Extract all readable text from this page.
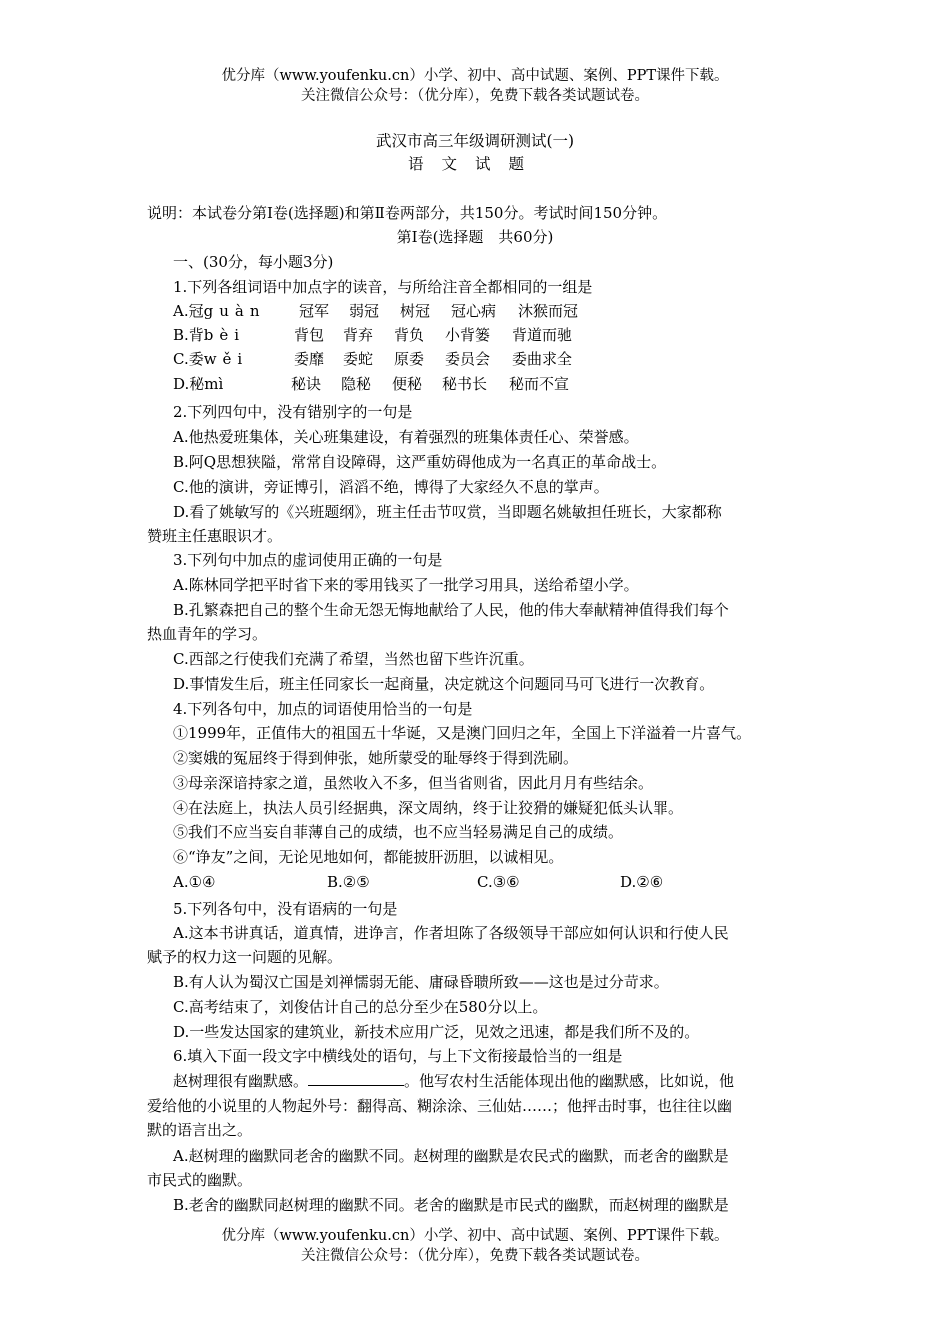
优分库（www.youfenku.cn）小学、初中、高中试题、案例、PPT课件下载。
关注微信公众号：（优分库），免费下载各类试题试卷。
武汉市高三年级调研测试(一)
语文试题
说明：本试卷分第Ⅰ卷(选择题)和第Ⅱ卷两部分，共150分。考试时间150分钟。
第Ⅰ卷(选择题　共60分)
一、(30分，每小题3分)
1.下列各组词语中加点字的读音，与所给注音全都相同的一组是
A.冠guàn 冠军 弱冠 树冠 冠心病 沐猴而冠
B.背bèi	背包 背弃 背负 小背篓 背道而驰
C.委wěi	委靡 委蛇 原委 委员会 委曲求全
D.秘mì	秘诀 隐秘 便秘 秘书长 秘而不宣
2.下列四句中，没有错别字的一句是
A.他热爱班集体，关心班集建设，有着强烈的班集体责任心、荣誉感。
B.阿Q思想狭隘，常常自设障碍，这严重妨碍他成为一名真正的革命战士。
C.他的演讲，旁证博引，滔滔不绝，博得了大家经久不息的掌声。
D.看了姚敏写的《兴班题纲》，班主任击节叹赏，当即题名姚敏担任班长，大家都称
赞班主任惠眼识才。
3.下列句中加点的虚词使用正确的一句是
A.陈林同学把平时省下来的零用钱买了一批学习用具，送给希望小学。
B.孔繁森把自己的整个生命无怨无悔地献给了人民，他的伟大奉献精神值得我们每个
热血青年的学习。
C.西部之行使我们充满了希望，当然也留下些许沉重。
D.事情发生后，班主任同家长一起商量，决定就这个问题同马可飞进行一次教育。
4.下列各句中，加点的词语使用恰当的一句是
①1999年，正值伟大的祖国五十华诞，又是澳门回归之年，全国上下洋溢着一片喜气。
②窦娥的冤屈终于得到伸张，她所蒙受的耻辱终于得到洗刷。
③母亲深谙持家之道，虽然收入不多，但当省则省，因此月月有些结余。
④在法庭上，执法人员引经据典，深文周纳，终于让狡猾的嫌疑犯低头认罪。
⑤我们不应当妄自菲薄自己的成绩，也不应当轻易满足自己的成绩。
⑥“诤友”之间，无论见地如何，都能披肝沥胆，以诚相见。
A.①④	B.②⑤	C.③⑥	D.②⑥
5.下列各句中，没有语病的一句是
A.这本书讲真话，道真情，进诤言，作者坦陈了各级领导干部应如何认识和行使人民
赋予的权力这一问题的见解。
B.有人认为蜀汉亡国是刘禅懦弱无能、庸碌昏聩所致——这也是过分苛求。
C.高考结束了，刘俊估计自己的总分至少在580分以上。
D.一些发达国家的建筑业，新技术应用广泛，见效之迅速，都是我们所不及的。
6.填入下面一段文字中横线处的语句，与上下文衔接最恰当的一组是
赵树理很有幽默感。	。他写农村生活能体现出他的幽默感，比如说，他
爱给他的小说里的人物起外号：翻得高、糊涂涂、三仙姑……；他抨击时事，也往往以幽
默的语言出之。
A.赵树理的幽默同老舍的幽默不同。赵树理的幽默是农民式的幽默，而老舍的幽默是
市民式的幽默。
B.老舍的幽默同赵树理的幽默不同。老舍的幽默是市民式的幽默，而赵树理的幽默是
优分库（www.youfenku.cn）小学、初中、高中试题、案例、PPT课件下载。
关注微信公众号：（优分库），免费下载各类试题试卷。
